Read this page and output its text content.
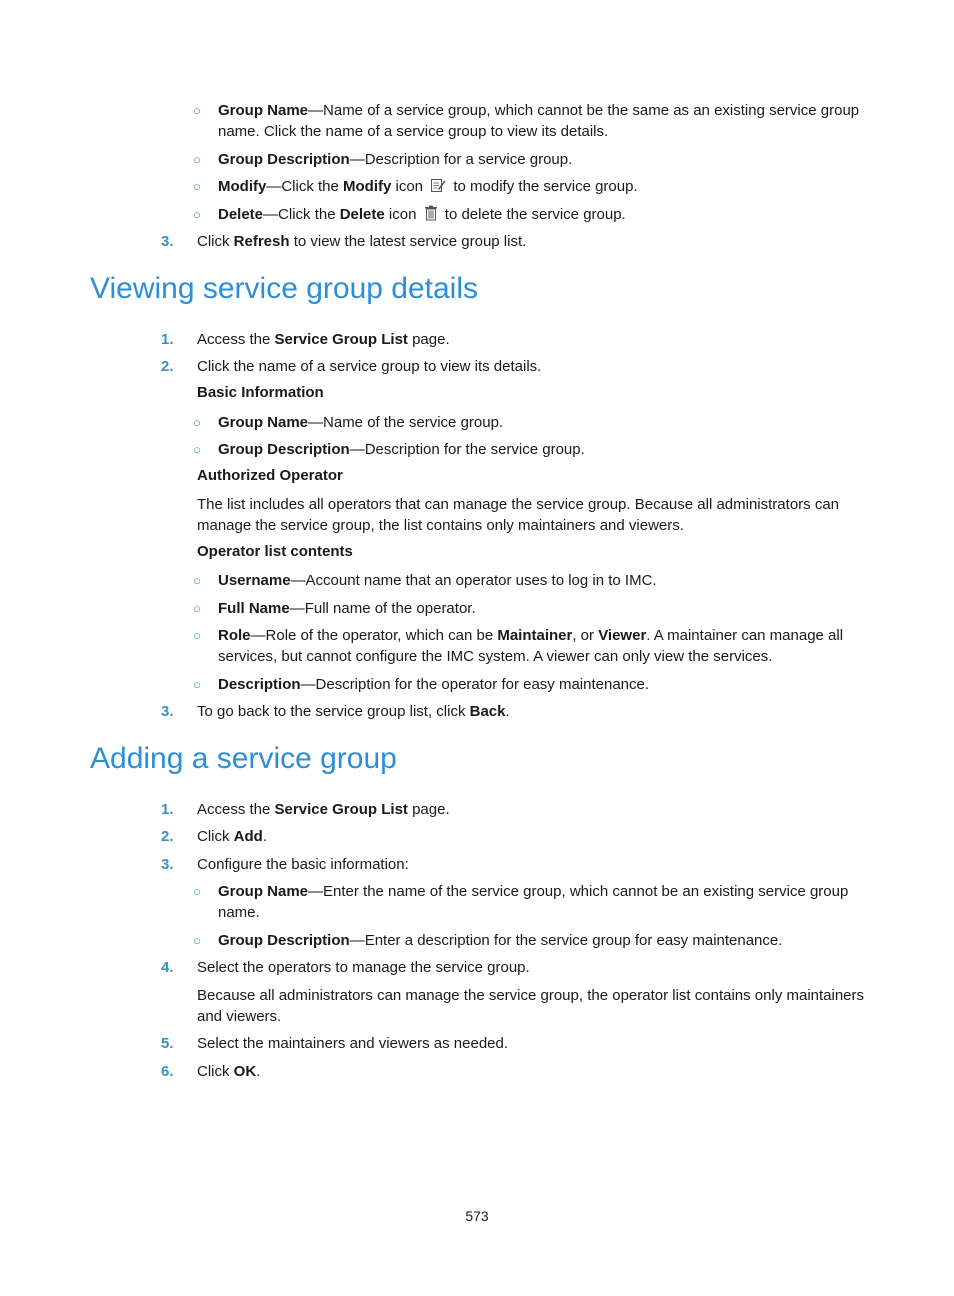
○ Group Name—Name of a service group, which cannot be the same as an existing service group name. Click the name of a service group to view its details.
○ Group Description—Description for a service group.
○ Modify—Click the Modify icon  to modify the service group.
○ Delete—Click the Delete icon  to delete the service group.
3. Click Refresh to view the latest service group list.
Viewing service group details
1. Access the Service Group List page.
2. Click the name of a service group to view its details.
Basic Information
○ Group Name—Name of the service group.
○ Group Description—Description for the service group.
Authorized Operator
The list includes all operators that can manage the service group. Because all administrators can manage the service group, the list contains only maintainers and viewers.
Operator list contents
○ Username—Account name that an operator uses to log in to IMC.
○ Full Name—Full name of the operator.
○ Role—Role of the operator, which can be Maintainer, or Viewer. A maintainer can manage all services, but cannot configure the IMC system. A viewer can only view the services.
○ Description—Description for the operator for easy maintenance.
3. To go back to the service group list, click Back.
Adding a service group
1. Access the Service Group List page.
2. Click Add.
3. Configure the basic information:
○ Group Name—Enter the name of the service group, which cannot be an existing service group name.
○ Group Description—Enter a description for the service group for easy maintenance.
4. Select the operators to manage the service group.
Because all administrators can manage the service group, the operator list contains only maintainers and viewers.
5. Select the maintainers and viewers as needed.
6. Click OK.
573
